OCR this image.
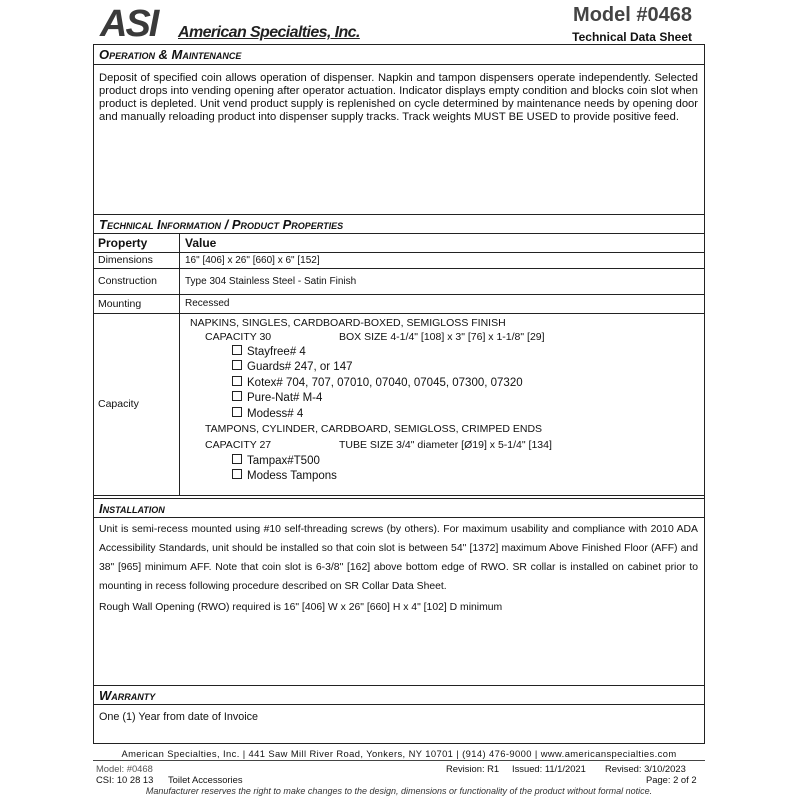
ASI	American Specialties, Inc.
Model #0468
Technical Data Sheet
Operation & Maintenance
Deposit of specified coin allows operation of dispenser. Napkin and tampon dispensers operate independently. Selected product drops into vending opening after operator actuation. Indicator displays empty condition and blocks coin slot when product is depleted. Unit vend product supply is replenished on cycle determined by maintenance needs by opening door and manually reloading product into dispenser supply tracks. Track weights MUST BE USED to provide positive feed.
Technical Information / Product Properties
Property	Value
Dimensions	16" [406] x 26" [660] x 6" [152]
Construction	Type 304 Stainless Steel - Satin Finish
Mounting	Recessed
Capacity
NAPKINS, SINGLES, CARDBOARD-BOXED, SEMIGLOSS FINISH
CAPACITY 30	BOX SIZE 4-1/4" [108] x 3" [76] x 1-1/8" [29]
Stayfree# 4
Guards# 247, or 147
Kotex# 704, 707, 07010, 07040, 07045, 07300, 07320
Pure-Nat# M-4
Modess# 4
TAMPONS, CYLINDER, CARDBOARD, SEMIGLOSS, CRIMPED ENDS
CAPACITY 27	TUBE SIZE 3/4" diameter [Ø19] x 5-1/4" [134]
Tampax#T500
Modess Tampons
Installation
Unit is semi-recess mounted using #10 self-threading screws (by others). For maximum usability and compliance with 2010 ADA Accessibility Standards, unit should be installed so that coin slot is between 54" [1372] maximum Above Finished Floor (AFF) and 38" [965] minimum AFF. Note that coin slot is 6-3/8" [162] above bottom edge of RWO. SR collar is installed on cabinet prior to mounting in recess following procedure described on SR Collar Data Sheet.
Rough Wall Opening (RWO) required is 16" [406] W x 26" [660] H x 4" [102] D minimum
Warranty
One (1) Year from date of Invoice
American Specialties, Inc. | 441 Saw Mill River Road, Yonkers, NY 10701 | (914) 476-9000 | www.americanspecialties.com
Model: #0468	Revision: R1 Issued: 11/1/2021 Revised: 3/10/2023
CSI: 10 28 13 Toilet Accessories	Page: 2 of 2
Manufacturer reserves the right to make changes to the design, dimensions or functionality of the product without formal notice.
